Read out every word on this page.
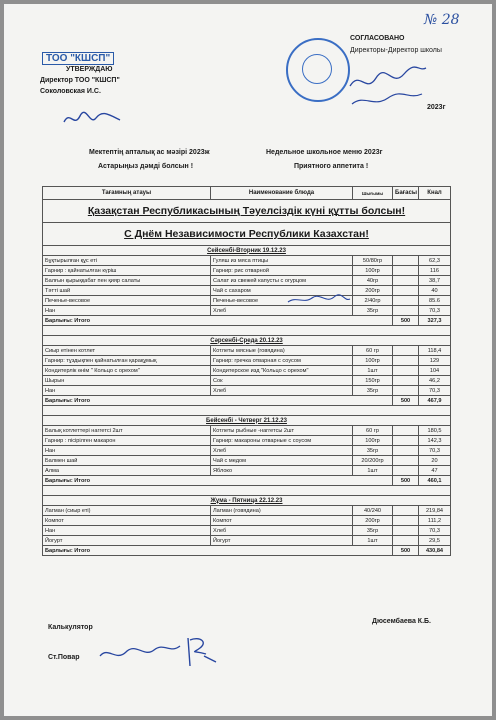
№ 28
ТОО "КШСП"
УТВЕРЖДАЮ
Директор ТОО "КШСП"
Соколовская И.С.
СОГЛАСОВАНО
Директоры-Директор школы
2023г
Мектептің апталық ас мәзірі 2023ж	Недельное школьное меню 2023г
Астарыңыз дәмді болсын !	Приятного аппетита !
Тағамның атауы	Наименование блюда	Шығымы	Бағасы	Кнал
Қазақстан Республикасының Тәуелсіздік күні құтты болсын!				
С Днём Независимости Республики Казахстан!				
Сейсенбі-Вторник 19.12.23				
Бұқтырылған құс еті	Гуляш из мяса птицы	50/80гр		62,3
Гарнир : қайнатылған күріш	Гарнир: рис отварной	100гр		116
Балғын қырыққабат пен қияр салаты	Салат из свежей капусты с огурцом	40гр		38,7
Тәтті шай	Чай с сахаром	200гр		40
Печенье-весовое	Печенье-весовое	2/40гр		85.6
Нан	Хлеб	35гр		70,3
Барлығы: Итого			500	327,3

Сәрсенбі-Среда 20.12.23				
Сиыр етінен котлет	Котлеты мясные (говядина)	60 гр		118,4
Гарнир: тұздықпен қайнатылған қарақұмық	Гарнир: гречка отварная с соусом	100гр		129
Кондитерлік өнім " Кольцо с орехом"	Кондитерское изд "Кольцо с орехом"	1шт		104
Шырын	Сок	150гр		46,2
Нан	Хлеб	35гр		70,3
Барлығы: Итого			500	467,9

Бейсенбі - Четверг 21.12.23				
Балық котлеттері наггетсі 2шт	Котлеты рыбные -наггетсы 2шт	60 гр		180,5
Гарнир : пісірілген макарон	Гарнир: макароны отварные с соусом	100гр		142,3
Нан	Хлеб	35гр		70,3
Балмен шай	Чай с медом	20/200гр		20
Алма	Яблоко	1шт		47
Барлығы: Итого			500	460,1

Жұма - Пятница 22.12.23				
Лагман (сиыр еті)	Лагман (говядина)	40/240		219,84
Компот	Компот	200гр		111,2
Нан	Хлеб	35гр		70,3
Йогурт	Йогурт	1шт		29,5
Барлығы: Итого			500	430,84
Калькулятор
Дюсембаева К.Б.
Ст.Повар
